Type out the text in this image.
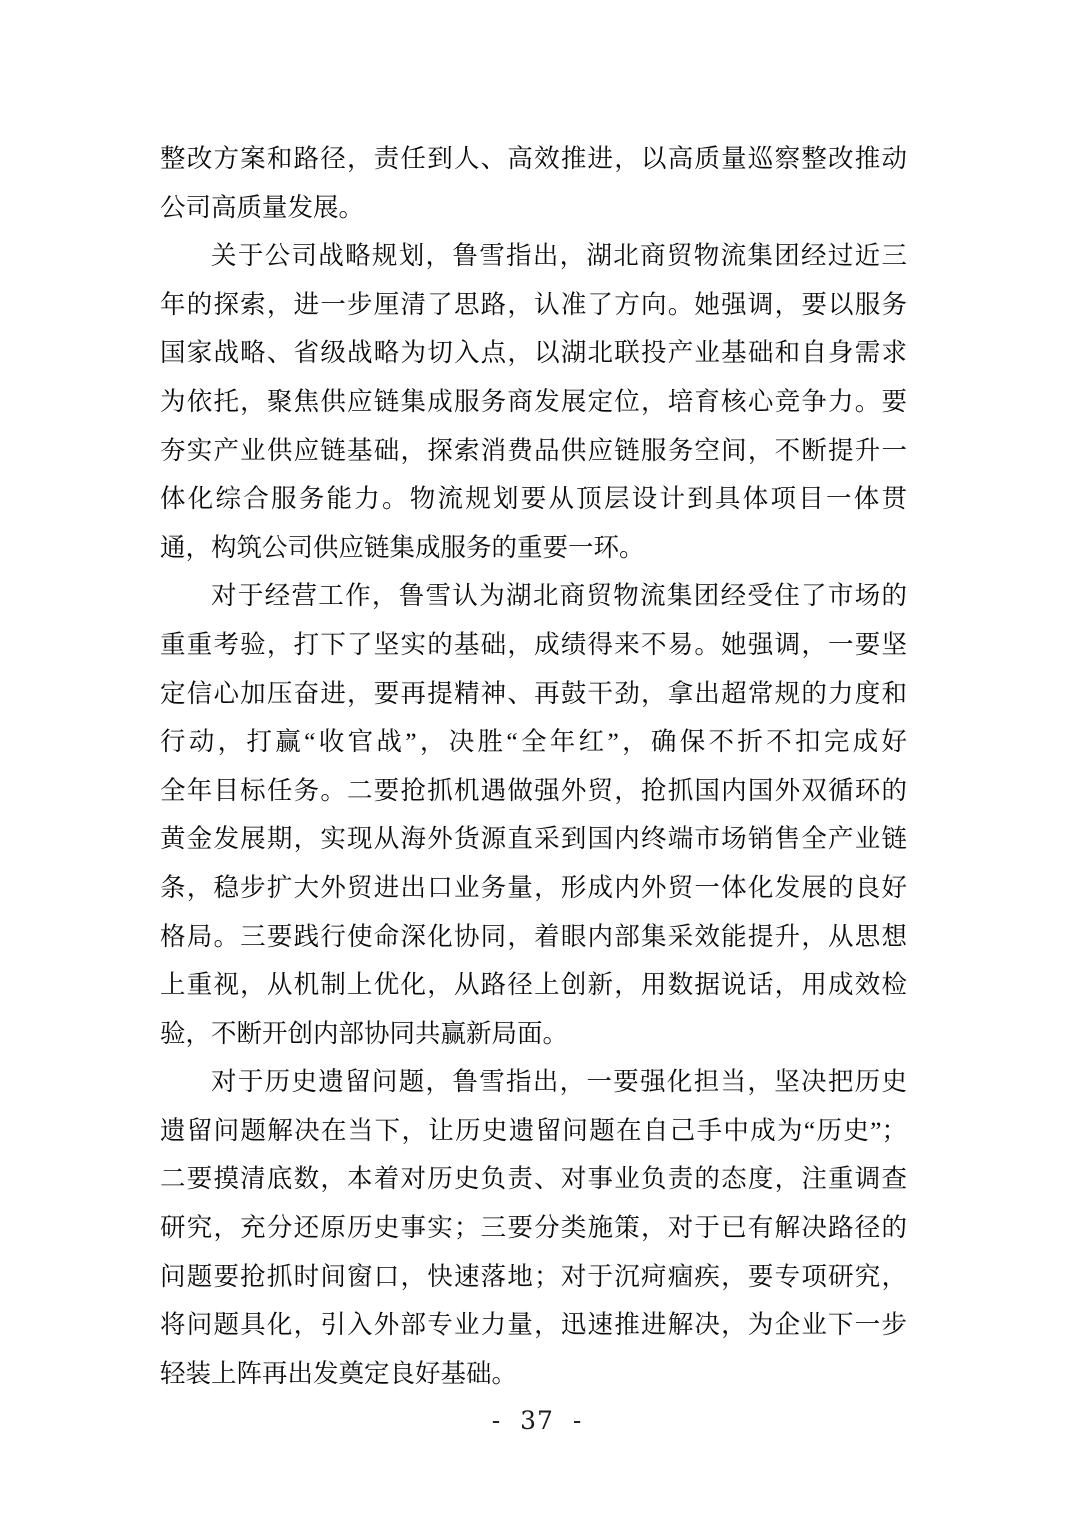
整改方案和路径，责任到人、高效推进，以高质量巡察整改推动
公司高质量发展。
关于公司战略规划，鲁雪指出，湖北商贸物流集团经过近三
年的探索，进一步厘清了思路，认准了方向。她强调，要以服务
国家战略、省级战略为切入点，以湖北联投产业基础和自身需求
为依托，聚焦供应链集成服务商发展定位，培育核心竞争力。要
夯实产业供应链基础，探索消费品供应链服务空间，不断提升一
体化综合服务能力。物流规划要从顶层设计到具体项目一体贯
通，构筑公司供应链集成服务的重要一环。
对于经营工作，鲁雪认为湖北商贸物流集团经受住了市场的
重重考验，打下了坚实的基础，成绩得来不易。她强调，一要坚
定信心加压奋进，要再提精神、再鼓干劲，拿出超常规的力度和
行动，打赢“收官战”，决胜“全年红”，确保不折不扣完成好
全年目标任务。二要抢抓机遇做强外贸，抢抓国内国外双循环的
黄金发展期，实现从海外货源直采到国内终端市场销售全产业链
条，稳步扩大外贸进出口业务量，形成内外贸一体化发展的良好
格局。三要践行使命深化协同，着眼内部集采效能提升，从思想
上重视，从机制上优化，从路径上创新，用数据说话，用成效检
验，不断开创内部协同共赢新局面。
对于历史遗留问题，鲁雪指出，一要强化担当，坚决把历史
遗留问题解决在当下，让历史遗留问题在自己手中成为“历史”；
二要摸清底数，本着对历史负责、对事业负责的态度，注重调查
研究，充分还原历史事实；三要分类施策，对于已有解决路径的
问题要抢抓时间窗口，快速落地；对于沉疴痼疾，要专项研究，
将问题具化，引入外部专业力量，迅速推进解决，为企业下一步
轻装上阵再出发奠定良好基础。
- 37 -
